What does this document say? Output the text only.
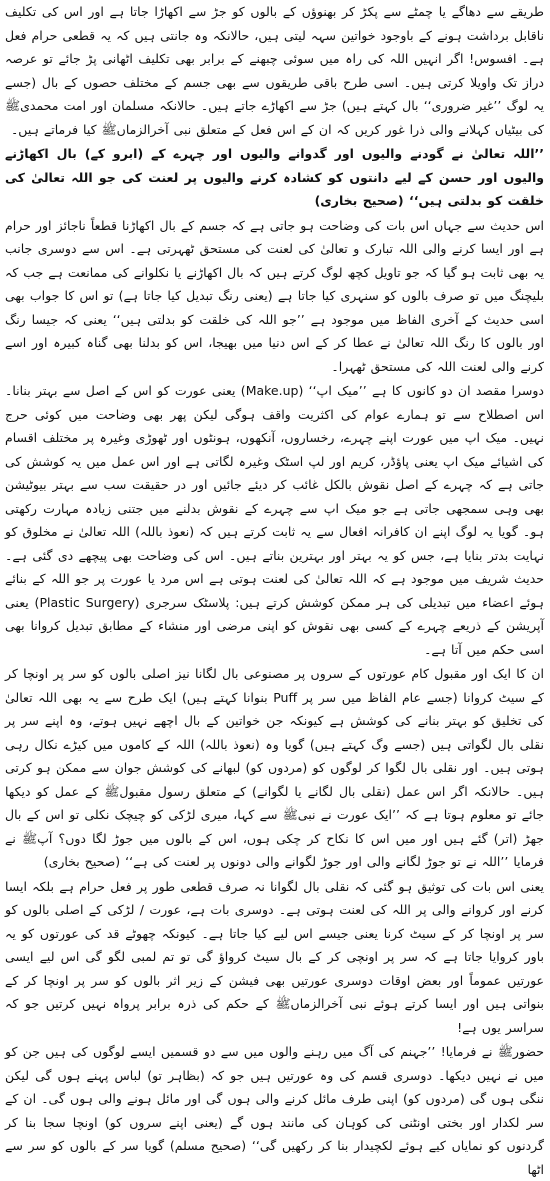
طریقے سے دھاگے یا چمٹے سے پکڑ کر بھنوؤں کے بالوں کو جڑ سے اکھاڑا جاتا ہے اور اس کی تکلیف ناقابل برداشت ہونے کے باوجود خواتین سہہ لیتی ہیں، حالانکہ وہ جانتی ہیں کہ یہ قطعی حرام فعل ہے۔ افسوس! اگر انہیں اللہ کی راہ میں سوئی چبھنے کے برابر بھی تکلیف اٹھانی پڑ جائے تو عرصہ دراز تک واویلا کرتی ہیں۔ اسی طرح باقی طریقوں سے بھی جسم کے مختلف حصوں کے بال (جسے یہ لوگ ’’غیر ضروری‘‘ بال کہتے ہیں) جڑ سے اکھاڑے جاتے ہیں۔ حالانکہ مسلمان اور امت محمدیﷺ کی بیٹیاں کہلانے والی ذرا غور کریں کہ ان کے اس فعل کے متعلق نبی آخرالزماںﷺ کیا فرماتے ہیں۔

’’اللہ تعالیٰ نے گودنے والیوں اور گدوانے والیوں اور چہرے کے (ابرو کے) بال اکھاڑنے والیوں اور حسن کے لیے دانتوں کو کشادہ کرنے والیوں پر لعنت کی جو اللہ تعالیٰ کی خلقت کو بدلتی ہیں‘‘ (صحیح بخاری)

اس حدیث سے جہاں اس بات کی وضاحت ہو جاتی ہے کہ جسم کے بال اکھاڑنا قطعاً ناجائز اور حرام ہے اور ایسا کرنے والی اللہ تبارک و تعالیٰ کی لعنت کی مستحق ٹھہرتی ہے۔ اس سے دوسری جانب یہ بھی ثابت ہو گیا کہ جو تاویل کچھ لوگ کرتے ہیں کہ بال اکھاڑنے یا نکلوانے کی ممانعت ہے جب کہ بلیچنگ میں تو صرف بالوں کو سنہری کیا جاتا ہے (یعنی رنگ تبدیل کیا جاتا ہے) تو اس کا جواب بھی اسی حدیث کے آخری الفاظ میں موجود ہے ’’جو اللہ کی خلقت کو بدلتی ہیں‘‘ یعنی کہ جیسا رنگ اور بالوں کا رنگ اللہ تعالیٰ نے عطا کر کے اس دنیا میں بھیجا، اس کو بدلنا بھی گناہ کبیرہ اور اسے کرنے والی لعنت اللہ کی مستحق ٹھہرا۔

دوسرا مقصد ان دو کانوں کا ہے ’’میک اپ‘‘ (Make.up) یعنی عورت کو اس کے اصل سے بہتر بنانا۔ اس اصطلاح سے تو ہمارے عوام کی اکثریت واقف ہوگی لیکن پھر بھی وضاحت میں کوئی حرج نہیں۔ میک اپ میں عورت اپنے چہرے، رخساروں، آنکھوں، ہونٹوں اور ٹھوڑی وغیرہ پر مختلف اقسام کی اشیائے میک اپ یعنی پاؤڈر، کریم اور لپ اسٹک وغیرہ لگاتی ہے اور اس عمل میں یہ کوشش کی جاتی ہے کہ چہرے کے اصل نقوش بالکل غائب کر دیئے جائیں اور در حقیقت سب سے بہتر بیوٹیشن بھی وہی سمجھی جاتی ہے جو میک اپ سے چہرے کے نقوش بدلنے میں جتنی زیادہ مہارت رکھتی ہو۔ گویا یہ لوگ اپنے ان کافرانہ افعال سے یہ ثابت کرتے ہیں کہ (نعوذ باللہ) اللہ تعالیٰ نے مخلوق کو نہایت بدتر بنایا ہے، جس کو یہ بہتر اور بہترین بناتے ہیں۔ اس کی وضاحت بھی پیچھے دی گئی ہے۔ حدیث شریف میں موجود ہے کہ اللہ تعالیٰ کی لعنت ہوتی ہے اس مرد یا عورت پر جو اللہ کے بنائے ہوئے اعضاء میں تبدیلی کی ہر ممکن کوشش کرتے ہیں: پلاسٹک سرجری (Plastic Surgery) یعنی آپریشن کے ذریعے چہرے کے کسی بھی نقوش کو اپنی مرضی اور منشاء کے مطابق تبدیل کروانا بھی اسی حکم میں آتا ہے۔

ان کا ایک اور مقبول کام عورتوں کے سروں پر مصنوعی بال لگانا نیز اصلی بالوں کو سر پر اونچا کر کے سیٹ کروانا (جسے عام الفاظ میں سر پر Puff بنوانا کہتے ہیں) ایک طرح سے یہ بھی اللہ تعالیٰ کی تخلیق کو بہتر بنانے کی کوشش ہے کیونکہ جن خواتین کے بال اچھے نہیں ہوتے، وہ اپنے سر پر نقلی بال لگواتی ہیں (جسے وگ کہتے ہیں) گویا وہ (نعوذ باللہ) اللہ کے کاموں میں کیڑے نکال رہی ہوتی ہیں۔ اور نقلی بال لگوا کر لوگوں کو (مردوں کو) لبھانے کی کوشش جوان سے ممکن ہو کرتی ہیں۔ حالانکہ اگر اس عمل (نقلی بال لگانے یا لگوانے) کے متعلق رسول مقبولﷺ کے عمل کو دیکھا جائے تو معلوم ہوتا ہے کہ ’’ایک عورت نے نبیﷺ سے کہا، میری لڑکی کو چیچک نکلی تو اس کے بال جھڑ (اتر) گئے ہیں اور میں اس کا نکاح کر چکی ہوں، اس کے بالوں میں جوڑ لگا دوں؟ آپﷺ نے فرمایا ’’اللہ نے تو جوڑ لگانے والی اور جوڑ لگوانے والی دونوں پر لعنت کی ہے‘‘ (صحیح بخاری)

یعنی اس بات کی توثیق ہو گئی کہ نقلی بال لگوانا نہ صرف قطعی طور پر فعل حرام ہے بلکہ ایسا کرنے اور کروانے والی پر اللہ کی لعنت ہوتی ہے۔ دوسری بات ہے، عورت / لڑکی کے اصلی بالوں کو سر پر اونچا کر کے سیٹ کرنا یعنی جیسے اس لیے کیا جاتا ہے۔ کیونکہ چھوٹے قد کی عورتوں کو یہ باور کروایا جاتا ہے کہ سر پر اونچی کر کے بال سیٹ کرواؤ گی تو تم لمبی لگو گی اس لیے ایسی عورتیں عموماً اور بعض اوقات دوسری عورتیں بھی فیشن کے زیر اثر بالوں کو سر پر اونچا کر کے بنواتی ہیں اور ایسا کرتے ہوئے نبی آخرالزماںﷺ کے حکم کی ذرہ برابر پرواہ نہیں کرتیں جو کہ سراسر یوں ہے!

حضورﷺ نے فرمایا! ’’جہنم کی آگ میں رہنے والوں میں سے دو قسمیں ایسے لوگوں کی ہیں جن کو میں نے نہیں دیکھا۔ دوسری قسم کی وہ عورتیں ہیں جو کہ (بظاہر تو) لباس پہنے ہوں گی لیکن ننگی ہوں گی (مردوں کو) اپنی طرف مائل کرنے والی ہوں گی اور مائل ہونے والی ہوں گی۔ ان کے سر لکدار اور بختی اونٹنی کی کوہان کی مانند ہوں گے (یعنی اپنے سروں کو) اونچا سجا بنا کر گردنوں کو نمایاں کیے ہوئے لکچیدار بنا کر رکھیں گی‘‘ (صحیح مسلم) گویا سر کے بالوں کو سر سے اٹھا
